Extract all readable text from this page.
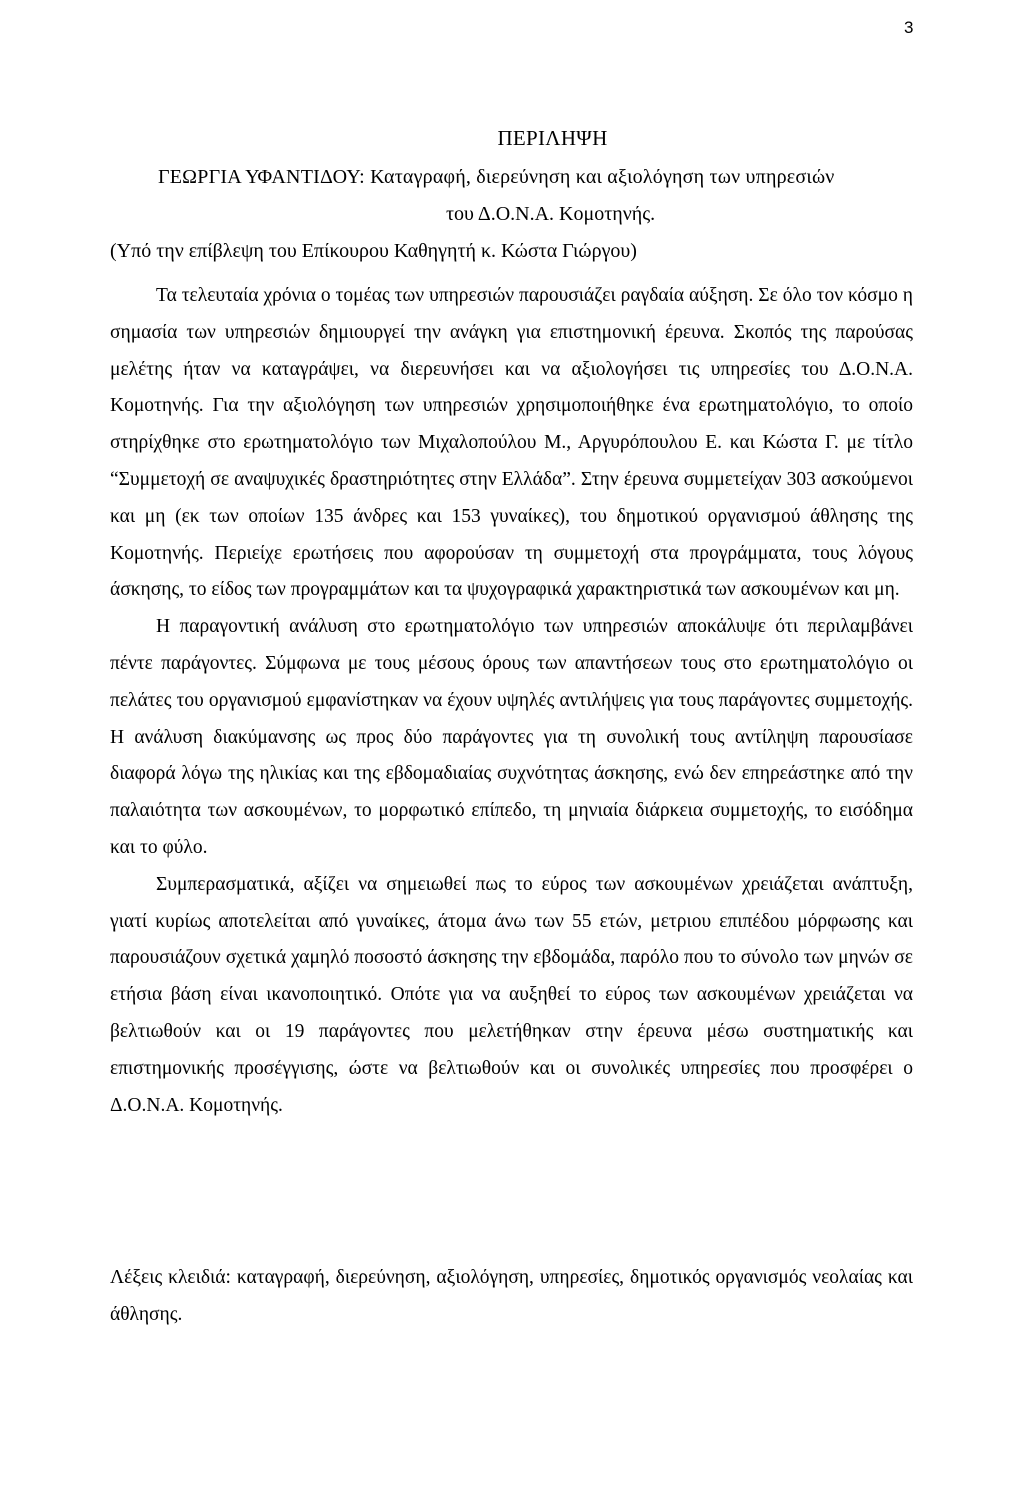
3
ΠΕΡΙΛΗΨΗ
ΓΕΩΡΓΙΑ ΥΦΑΝΤΙΔΟΥ: Καταγραφή, διερεύνηση και αξιολόγηση των υπηρεσιών
του Δ.Ο.Ν.Α. Κομοτηνής.
(Υπό την επίβλεψη του Επίκουρου Καθηγητή κ. Κώστα Γιώργου)

Τα τελευταία χρόνια ο τομέας των υπηρεσιών παρουσιάζει ραγδαία αύξηση. Σε όλο τον κόσμο η σημασία των υπηρεσιών δημιουργεί την ανάγκη για επιστημονική έρευνα. Σκοπός της παρούσας μελέτης ήταν να καταγράψει, να διερευνήσει και να αξιολογήσει τις υπηρεσίες του Δ.Ο.Ν.Α. Κομοτηνής. Για την αξιολόγηση των υπηρεσιών χρησιμοποιήθηκε ένα ερωτηματολόγιο, το οποίο στηρίχθηκε στο ερωτηματολόγιο των Μιχαλοπούλου Μ., Αργυρόπουλου Ε. και Κώστα Γ. με τίτλο “Συμμετοχή σε αναψυχικές δραστηριότητες στην Ελλάδα”. Στην έρευνα συμμετείχαν 303 ασκούμενοι και μη (εκ των οποίων 135 άνδρες και 153 γυναίκες), του δημοτικού οργανισμού άθλησης της Κομοτηνής. Περιείχε ερωτήσεις που αφορούσαν τη συμμετοχή στα προγράμματα, τους λόγους άσκησης, το είδος των προγραμμάτων και τα ψυχογραφικά χαρακτηριστικά των ασκουμένων και μη.

Η παραγοντική ανάλυση στο ερωτηματολόγιο των υπηρεσιών αποκάλυψε ότι περιλαμβάνει πέντε παράγοντες. Σύμφωνα με τους μέσους όρους των απαντήσεων τους στο ερωτηματολόγιο οι πελάτες του οργανισμού εμφανίστηκαν να έχουν υψηλές αντιλήψεις για τους παράγοντες συμμετοχής. Η ανάλυση διακύμανσης ως προς δύο παράγοντες για τη συνολική τους αντίληψη παρουσίασε διαφορά λόγω της ηλικίας και της εβδομαδιαίας συχνότητας άσκησης, ενώ δεν επηρεάστηκε από την παλαιότητα των ασκουμένων, το μορφωτικό επίπεδο, τη μηνιαία διάρκεια συμμετοχής, το εισόδημα και το φύλο.

Συμπερασματικά, αξίζει να σημειωθεί πως το εύρος των ασκουμένων χρειάζεται ανάπτυξη, γιατί κυρίως αποτελείται από γυναίκες, άτομα άνω των 55 ετών, μετριου επιπέδου μόρφωσης και παρουσιάζουν σχετικά χαμηλό ποσοστό άσκησης την εβδομάδα, παρόλο που το σύνολο των μηνών σε ετήσια βάση είναι ικανοποιητικό. Οπότε για να αυξηθεί το εύρος των ασκουμένων χρειάζεται να βελτιωθούν και οι 19 παράγοντες που μελετήθηκαν στην έρευνα μέσω συστηματικής και επιστημονικής προσέγγισης, ώστε να βελτιωθούν και οι συνολικές υπηρεσίες που προσφέρει ο Δ.Ο.Ν.Α. Κομοτηνής.

Λέξεις κλειδιά: καταγραφή, διερεύνηση, αξιολόγηση, υπηρεσίες, δημοτικός οργανισμός νεολαίας και άθλησης.
